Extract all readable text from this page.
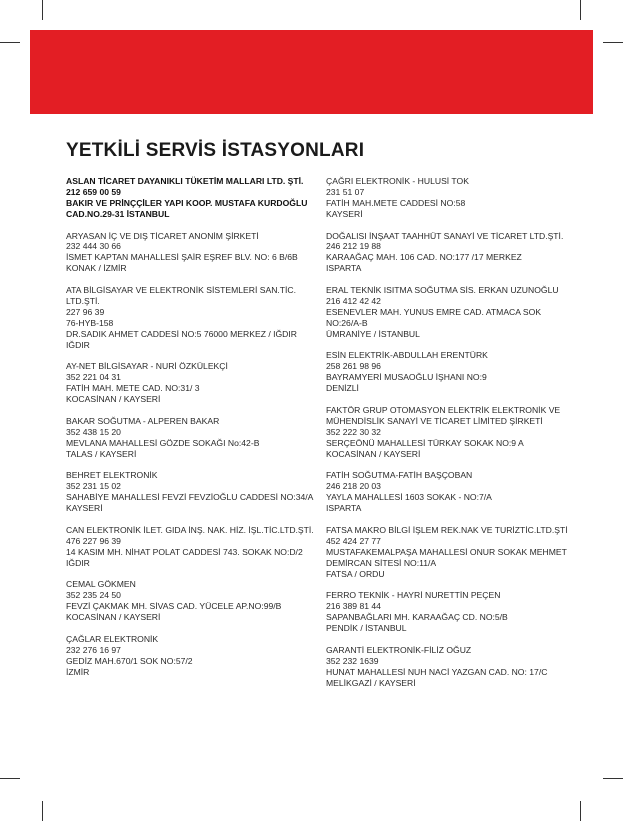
YETKİLİ SERVİS İSTASYONLARI
ASLAN TİCARET DAYANIKLI TÜKETİM MALLARI LTD. ŞTİ.
212 659 00 59
BAKIR VE PRİNÇÇİLER YAPI KOOP. MUSTAFA KURDOĞLU
CAD.NO.29-31 İSTANBUL
ARYASAN İÇ VE DIŞ TİCARET ANONİM ŞİRKETİ
232 444 30 66
İSMET KAPTAN MAHALLESİ ŞAİR EŞREF BLV. NO: 6 B/6B
KONAK / İZMİR
ATA BİLGİSAYAR VE ELEKTRONİK SİSTEMLERİ SAN.TİC.
LTD.ŞTİ.
227 96 39
76-HYB-158
DR.SADIK AHMET CADDESİ NO:5 76000 MERKEZ / IĞDIR
IĞDIR
AY-NET BİLGİSAYAR - NURİ ÖZKÜLEKÇİ
352 221 04 31
FATİH MAH. METE CAD. NO:31/ 3
KOCASİNAN / KAYSERİ
BAKAR SOĞUTMA - ALPEREN BAKAR
352 438 15 20
MEVLANA MAHALLESİ GÖZDE SOKAĞI No:42-B
TALAS / KAYSERİ
BEHRET ELEKTRONİK
352 231 15 02
SAHABİYE MAHALLESİ FEVZİ FEVZİOĞLU CADDESİ NO:34/A
KAYSERİ
CAN ELEKTRONİK İLET. GIDA İNŞ. NAK. HİZ. İŞL.TİC.LTD.ŞTİ.
476 227 96 39
14 KASIM MH. NİHAT POLAT CADDESİ 743. SOKAK NO:D/2
IĞDIR
CEMAL GÖKMEN
352 235 24 50
FEVZİ ÇAKMAK MH. SİVAS CAD. YÜCELE AP.NO:99/B
KOCASİNAN / KAYSERİ
ÇAĞLAR ELEKTRONİK
232 276 16 97
GEDİZ MAH.670/1 SOK NO:57/2
İZMİR
ÇAĞRI ELEKTRONİK - HULUSİ TOK
231 51 07
FATİH MAH.METE CADDESİ NO:58
KAYSERİ
DOĞALISI İNŞAAT TAAHHÜT SANAYİ VE TİCARET LTD.ŞTİ.
246 212 19 88
KARAAĞAÇ MAH. 106 CAD. NO:177 /17 MERKEZ
ISPARTA
ERAL TEKNİK ISITMA SOĞUTMA SİS. ERKAN UZUNOĞLU
216 412 42 42
ESENEVLER MAH. YUNUS EMRE CAD. ATMACA SOK
NO:26/A-B
ÜMRANİYE / İSTANBUL
ESİN ELEKTRİK-ABDULLAH ERENTÜRK
258 261 98 96
BAYRAMYERİ MUSAOĞLU İŞHANI NO:9
DENİZLİ
FAKTÖR GRUP OTOMASYON ELEKTRİK ELEKTRONİK VE
MÜHENDİSLİK SANAYİ VE TİCARET LİMİTED ŞİRKETİ
352 222 30 32
SERÇEÖNÜ MAHALLESİ TÜRKAY SOKAK NO:9 A
KOCASİNAN / KAYSERİ
FATİH SOĞUTMA-FATİH BAŞÇOBAN
246 218 20 03
YAYLA MAHALLESİ 1603 SOKAK - NO:7/A
ISPARTA
FATSA MAKRO BİLGİ İŞLEM REK.NAK VE TURİZTİC.LTD.ŞTİ
452 424 27 77
MUSTAFAKEMALPAŞA MAHALLESİ ONUR SOKAK MEHMET
DEMİRCAN SİTESİ NO:11/A
FATSA / ORDU
FERRO TEKNİK - HAYRİ NURETTİN PEÇEN
216 389 81 44
SAPANBAĞLARI MH. KARAAĞAÇ CD. NO:5/B
PENDİK / İSTANBUL
GARANTİ ELEKTRONİK-FİLİZ OĞUZ
352 232 1639
HUNAT MAHALLESİ NUH NACİ YAZGAN CAD. NO: 17/C
MELİKGAZİ / KAYSERİ
